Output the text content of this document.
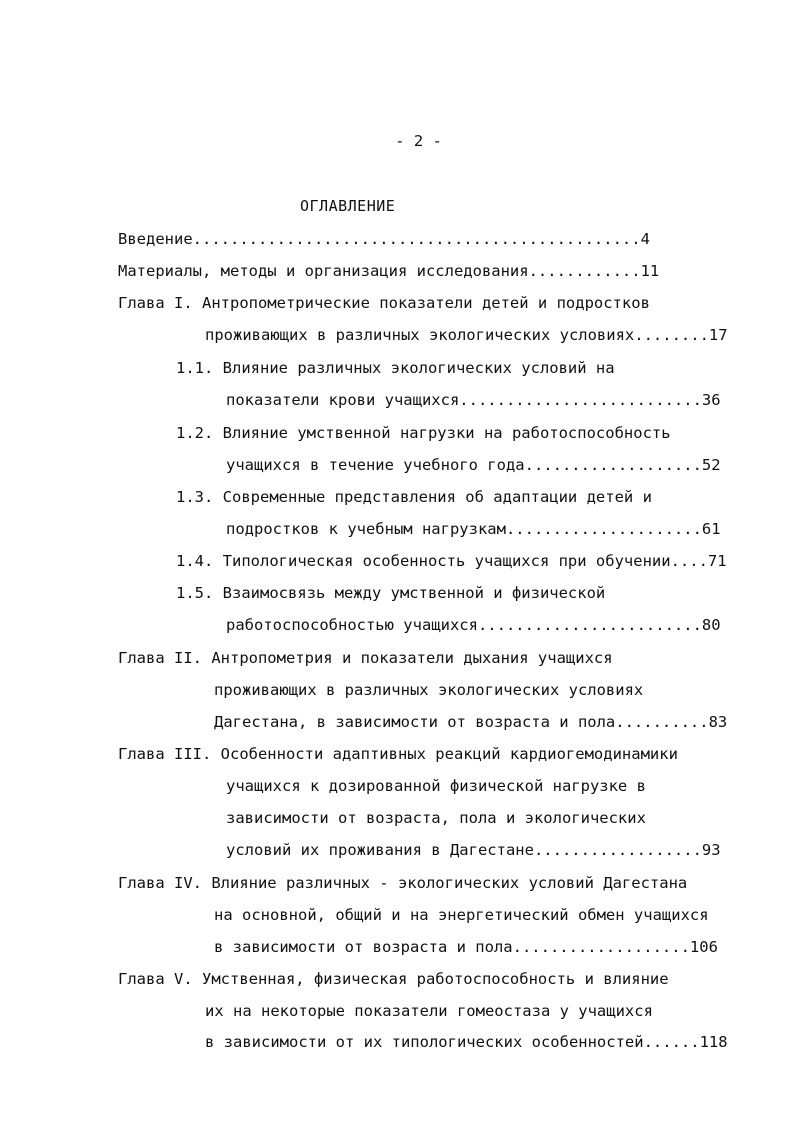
- 2 -
ОГЛАВЛЕНИЕ
Введение................................................4
Материалы, методы и организация исследования............11
Глава I. Антропометрические показатели детей и подростков
проживающих в различных экологических условиях........17
1.1. Влияние различных экологических условий на
показатели крови учащихся..........................36
1.2. Влияние умственной нагрузки на работоспособность
учащихся в течение учебного года...................52
1.3. Современные представления об адаптации детей и
подростков к учебным нагрузкам.....................61
1.4. Типологическая особенность учащихся при обучении....71
1.5. Взаимосвязь между умственной и физической
работоспособностью учащихся........................80
Глава II. Антропометрия и показатели дыхания учащихся
проживающих в различных экологических условиях
Дагестана, в зависимости от возраста и пола..........83
Глава III. Особенности адаптивных реакций кардиогемодинамики
учащихся к дозированной физической нагрузке в
зависимости от возраста, пола и экологических
условий их проживания в Дагестане..................93
Глава IV. Влияние различных - экологических условий Дагестана
на основной, общий и на энергетический обмен учащихся
в зависимости от возраста и пола...................106
Глава V. Умственная, физическая работоспособность и влияние
их на некоторые показатели гомеостаза у учащихся
в зависимости от их типологических особенностей......118
